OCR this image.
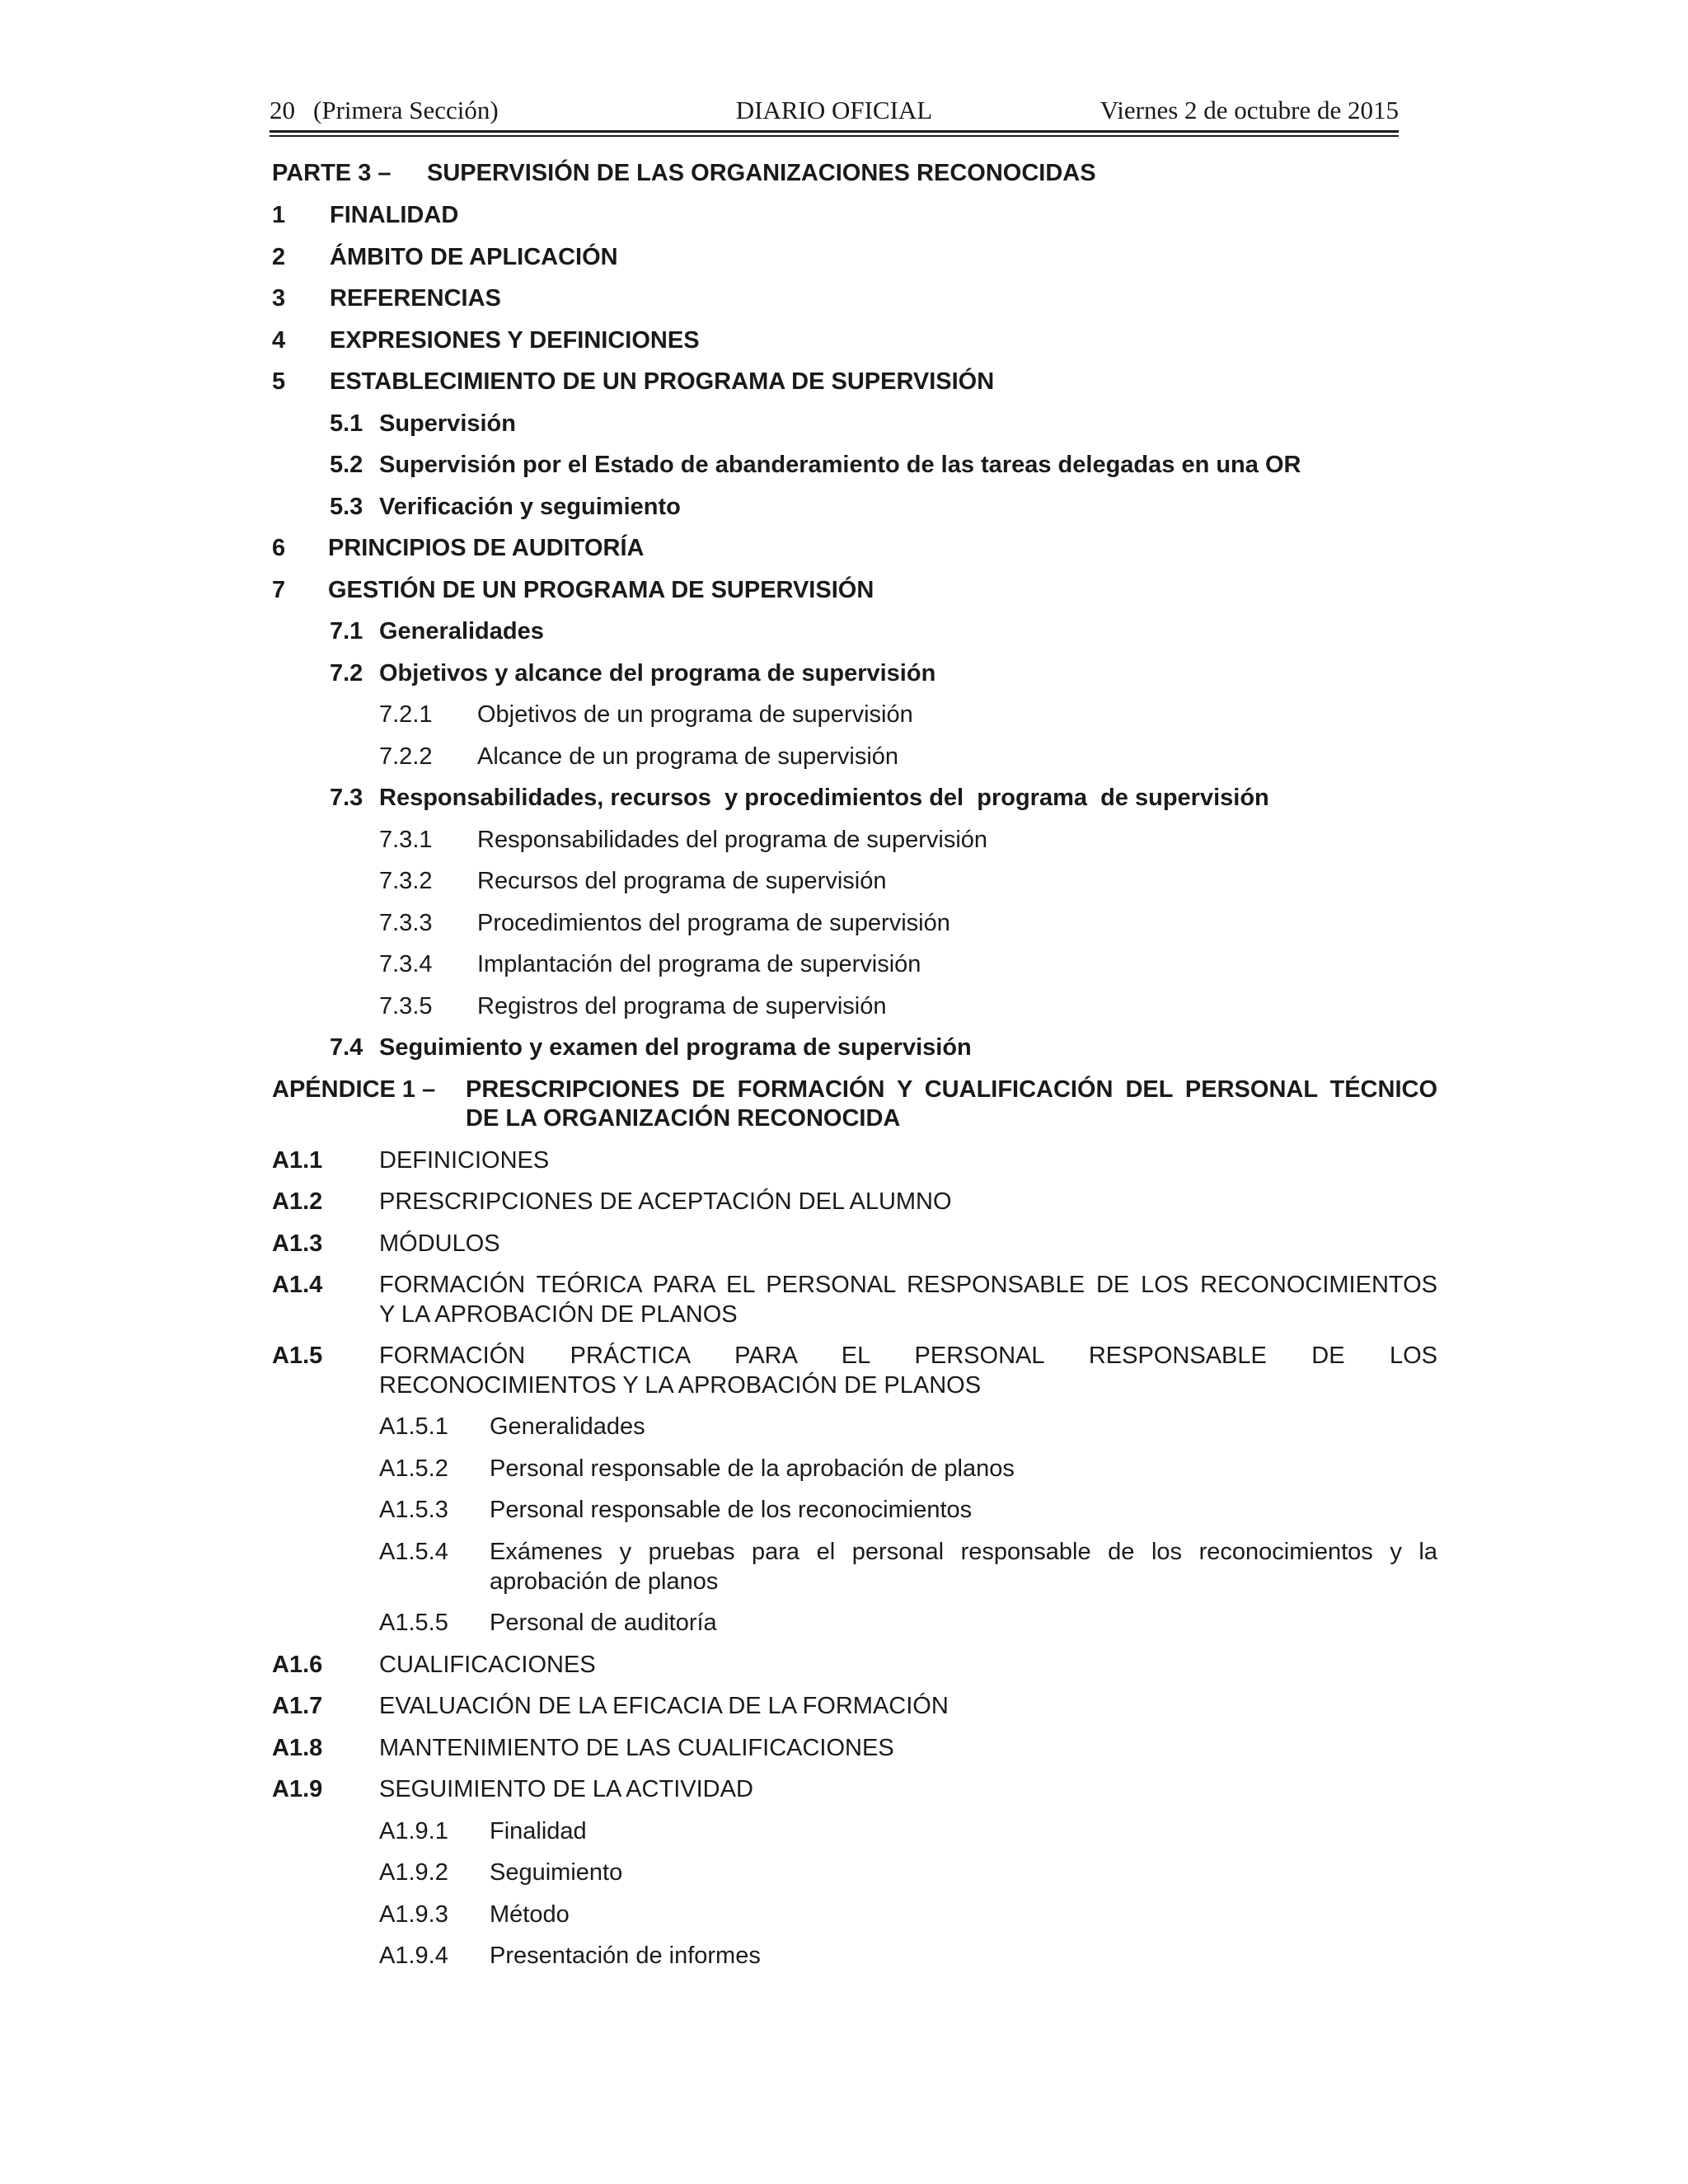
20 (Primera Sección)	DIARIO OFICIAL	Viernes 2 de octubre de 2015
PARTE 3 – SUPERVISIÓN DE LAS ORGANIZACIONES RECONOCIDAS
1 FINALIDAD
2 ÁMBITO DE APLICACIÓN
3 REFERENCIAS
4 EXPRESIONES Y DEFINICIONES
5 ESTABLECIMIENTO DE UN PROGRAMA DE SUPERVISIÓN
5.1 Supervisión
5.2 Supervisión por el Estado de abanderamiento de las tareas delegadas en una OR
5.3 Verificación y seguimiento
6 PRINCIPIOS DE AUDITORÍA
7 GESTIÓN DE UN PROGRAMA DE SUPERVISIÓN
7.1 Generalidades
7.2 Objetivos y alcance del programa de supervisión
7.2.1 Objetivos de un programa de supervisión
7.2.2 Alcance de un programa de supervisión
7.3 Responsabilidades, recursos  y procedimientos del  programa  de supervisión
7.3.1 Responsabilidades del programa de supervisión
7.3.2 Recursos del programa de supervisión
7.3.3 Procedimientos del programa de supervisión
7.3.4 Implantación del programa de supervisión
7.3.5 Registros del programa de supervisión
7.4 Seguimiento y examen del programa de supervisión
APÉNDICE 1 – PRESCRIPCIONES DE FORMACIÓN Y CUALIFICACIÓN DEL PERSONAL TÉCNICO
DE LA ORGANIZACIÓN RECONOCIDA
A1.1 DEFINICIONES
A1.2 PRESCRIPCIONES DE ACEPTACIÓN DEL ALUMNO
A1.3 MÓDULOS
A1.4 FORMACIÓN TEÓRICA PARA EL PERSONAL RESPONSABLE DE LOS RECONOCIMIENTOS
Y LA APROBACIÓN DE PLANOS
A1.5 FORMACIÓN PRÁCTICA PARA EL PERSONAL RESPONSABLE DE LOS
RECONOCIMIENTOS Y LA APROBACIÓN DE PLANOS
A1.5.1 Generalidades
A1.5.2 Personal responsable de la aprobación de planos
A1.5.3 Personal responsable de los reconocimientos
A1.5.4 Exámenes y pruebas para el personal responsable de los reconocimientos y la
aprobación de planos
A1.5.5 Personal de auditoría
A1.6 CUALIFICACIONES
A1.7 EVALUACIÓN DE LA EFICACIA DE LA FORMACIÓN
A1.8 MANTENIMIENTO DE LAS CUALIFICACIONES
A1.9 SEGUIMIENTO DE LA ACTIVIDAD
A1.9.1 Finalidad
A1.9.2 Seguimiento
A1.9.3 Método
A1.9.4 Presentación de informes
